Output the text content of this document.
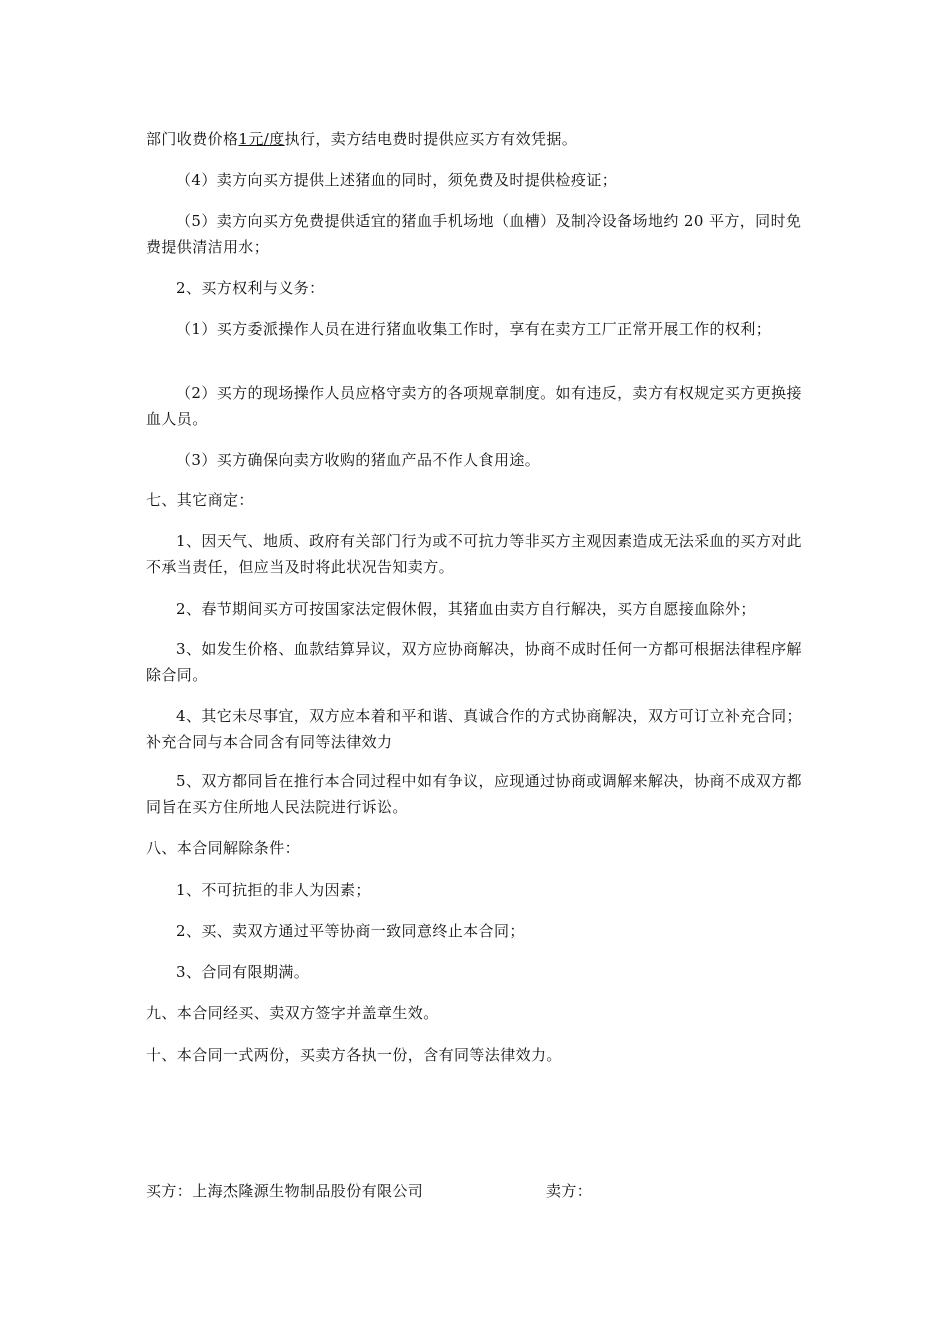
部门收费价格1元/度执行，卖方结电费时提供应买方有效凭据。

（4）卖方向买方提供上述猪血的同时，须免费及时提供检疫证；

（5）卖方向买方免费提供适宜的猪血手机场地（血槽）及制冷设备场地约 20 平方，同时免费提供清洁用水；

2、买方权利与义务：

（1）买方委派操作人员在进行猪血收集工作时，享有在卖方工厂正常开展工作的权利；

（2）买方的现场操作人员应格守卖方的各项规章制度。如有违反，卖方有权规定买方更换接血人员。

（3）买方确保向卖方收购的猪血产品不作人食用途。

七、其它商定：

1、因天气、地质、政府有关部门行为或不可抗力等非买方主观因素造成无法采血的买方对此不承当责任，但应当及时将此状况告知卖方。

2、春节期间买方可按国家法定假休假，其猪血由卖方自行解决，买方自愿接血除外；

3、如发生价格、血款结算异议，双方应协商解决，协商不成时任何一方都可根据法律程序解除合同。

4、其它未尽事宜，双方应本着和平和谐、真诚合作的方式协商解决，双方可订立补充合同；补充合同与本合同含有同等法律效力

5、双方都同旨在推行本合同过程中如有争议，应现通过协商或调解来解决，协商不成双方都同旨在买方住所地人民法院进行诉讼。

八、本合同解除条件：

1、不可抗拒的非人为因素；

2、买、卖双方通过平等协商一致同意终止本合同；

3、合同有限期满。

九、本合同经买、卖双方签字并盖章生效。

十、本合同一式两份，买卖方各执一份，含有同等法律效力。

买方：上海杰隆源生物制品股份有限公司	卖方：
